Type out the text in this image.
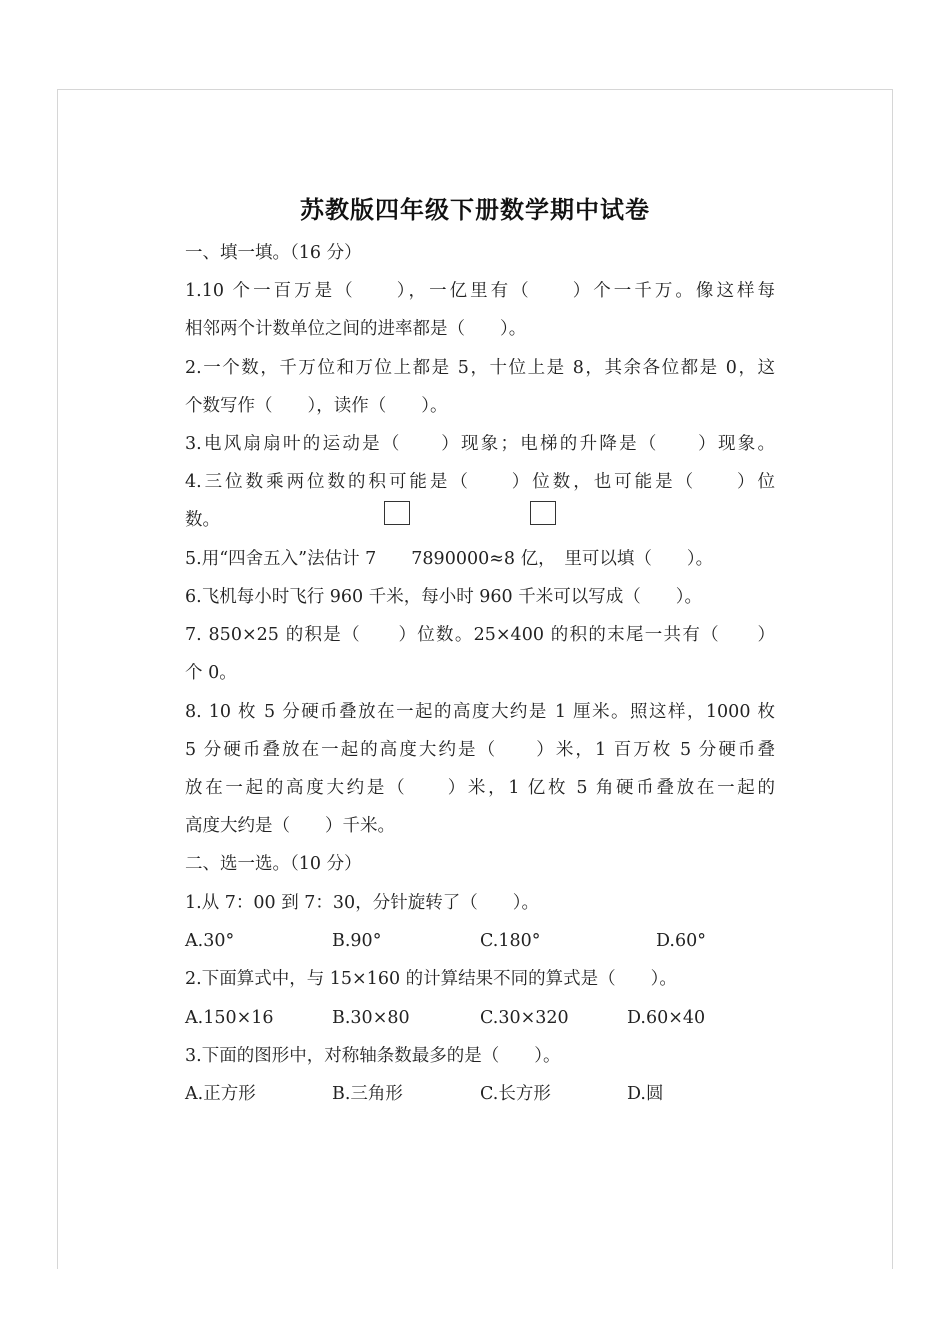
苏教版四年级下册数学期中试卷
一、填一填。（16 分）
1.10 个一百万是（　　），一亿里有（　　）个一千万。像这样每
相邻两个计数单位之间的进率都是（　　）。
2.一个数，千万位和万位上都是 5，十位上是 8，其余各位都是 0，这
个数写作（　　），读作（　　）。
3.电风扇扇叶的运动是（　　）现象；电梯的升降是（　　）现象。
4.三位数乘两位数的积可能是（　　）位数，也可能是（　　）位
数。
5.用“四舍五入”法估计 7　　7890000≈8 亿，　里可以填（　　）。
6.飞机每小时飞行 960 千米，每小时 960 千米可以写成（　　）。
7. 850×25 的积是（　　）位数。25×400 的积的末尾一共有（　　）
个 0。
8. 10 枚 5 分硬币叠放在一起的高度大约是 1 厘米。照这样，1000 枚
5 分硬币叠放在一起的高度大约是（　　）米，1 百万枚 5 分硬币叠
放在一起的高度大约是（　　）米，1 亿枚 5 角硬币叠放在一起的
高度大约是（　　）千米。
二、选一选。（10 分）
1.从 7：00 到 7：30，分针旋转了（　　）。
A.30°	B.90°	C.180°	D.60°
2.下面算式中，与 15×160 的计算结果不同的算式是（　　）。
A.150×16	B.30×80	C.30×320	D.60×40
3.下面的图形中，对称轴条数最多的是（　　）。
A.正方形	B.三角形	C.长方形	D.圆
